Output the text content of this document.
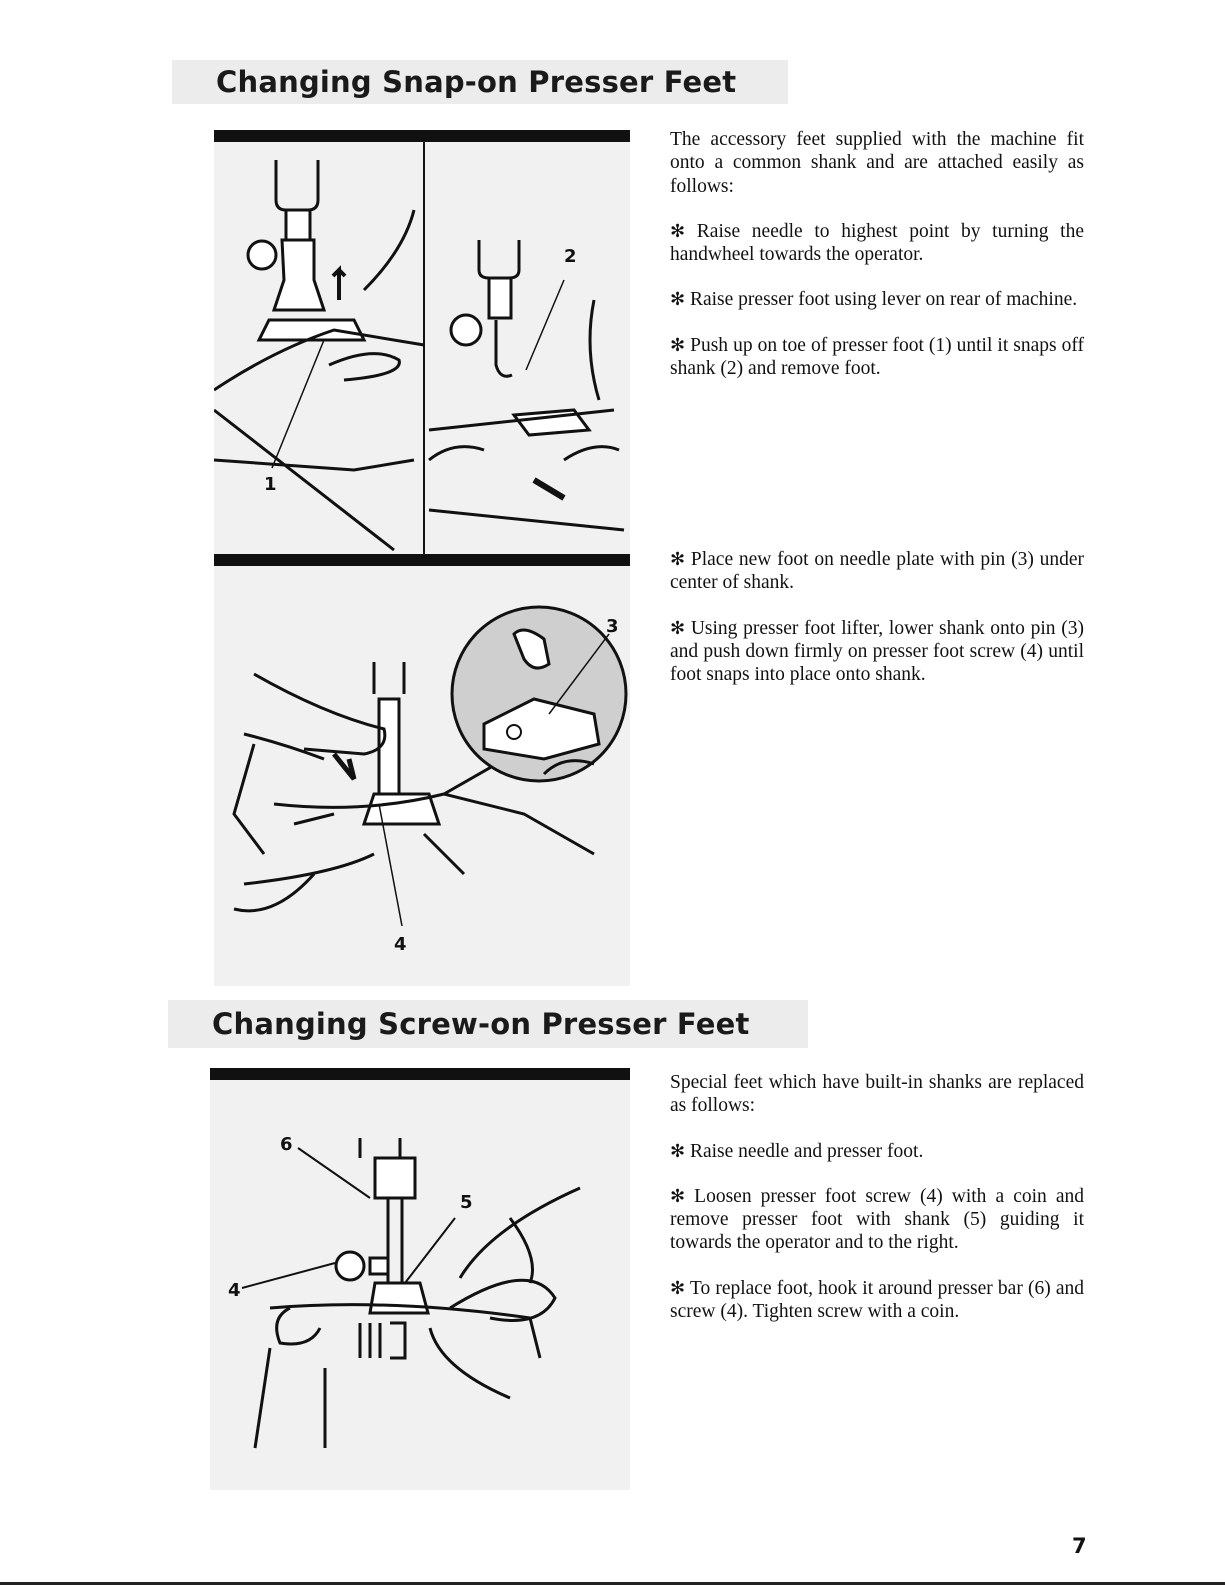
Changing Snap-on Presser Feet
1
2
3
4

The accessory feet supplied with the machine fit onto a common shank and are attached easily as follows:

✻ Raise needle to highest point by turning the handwheel towards the operator.

✻ Raise presser foot using lever on rear of machine.

✻ Push up on toe of presser foot (1) until it snaps off shank (2) and remove foot.

✻ Place new foot on needle plate with pin (3) under center of shank.

✻ Using presser foot lifter, lower shank onto pin (3) and push down firmly on presser foot screw (4) until foot snaps into place onto shank.

Changing Screw-on Presser Feet
6
5
4

Special feet which have built-in shanks are replaced as follows:

✻ Raise needle and presser foot.

✻ Loosen presser foot screw (4) with a coin and remove presser foot with shank (5) guiding it towards the operator and to the right.

✻ To replace foot, hook it around presser bar (6) and screw (4). Tighten screw with a coin.

7
